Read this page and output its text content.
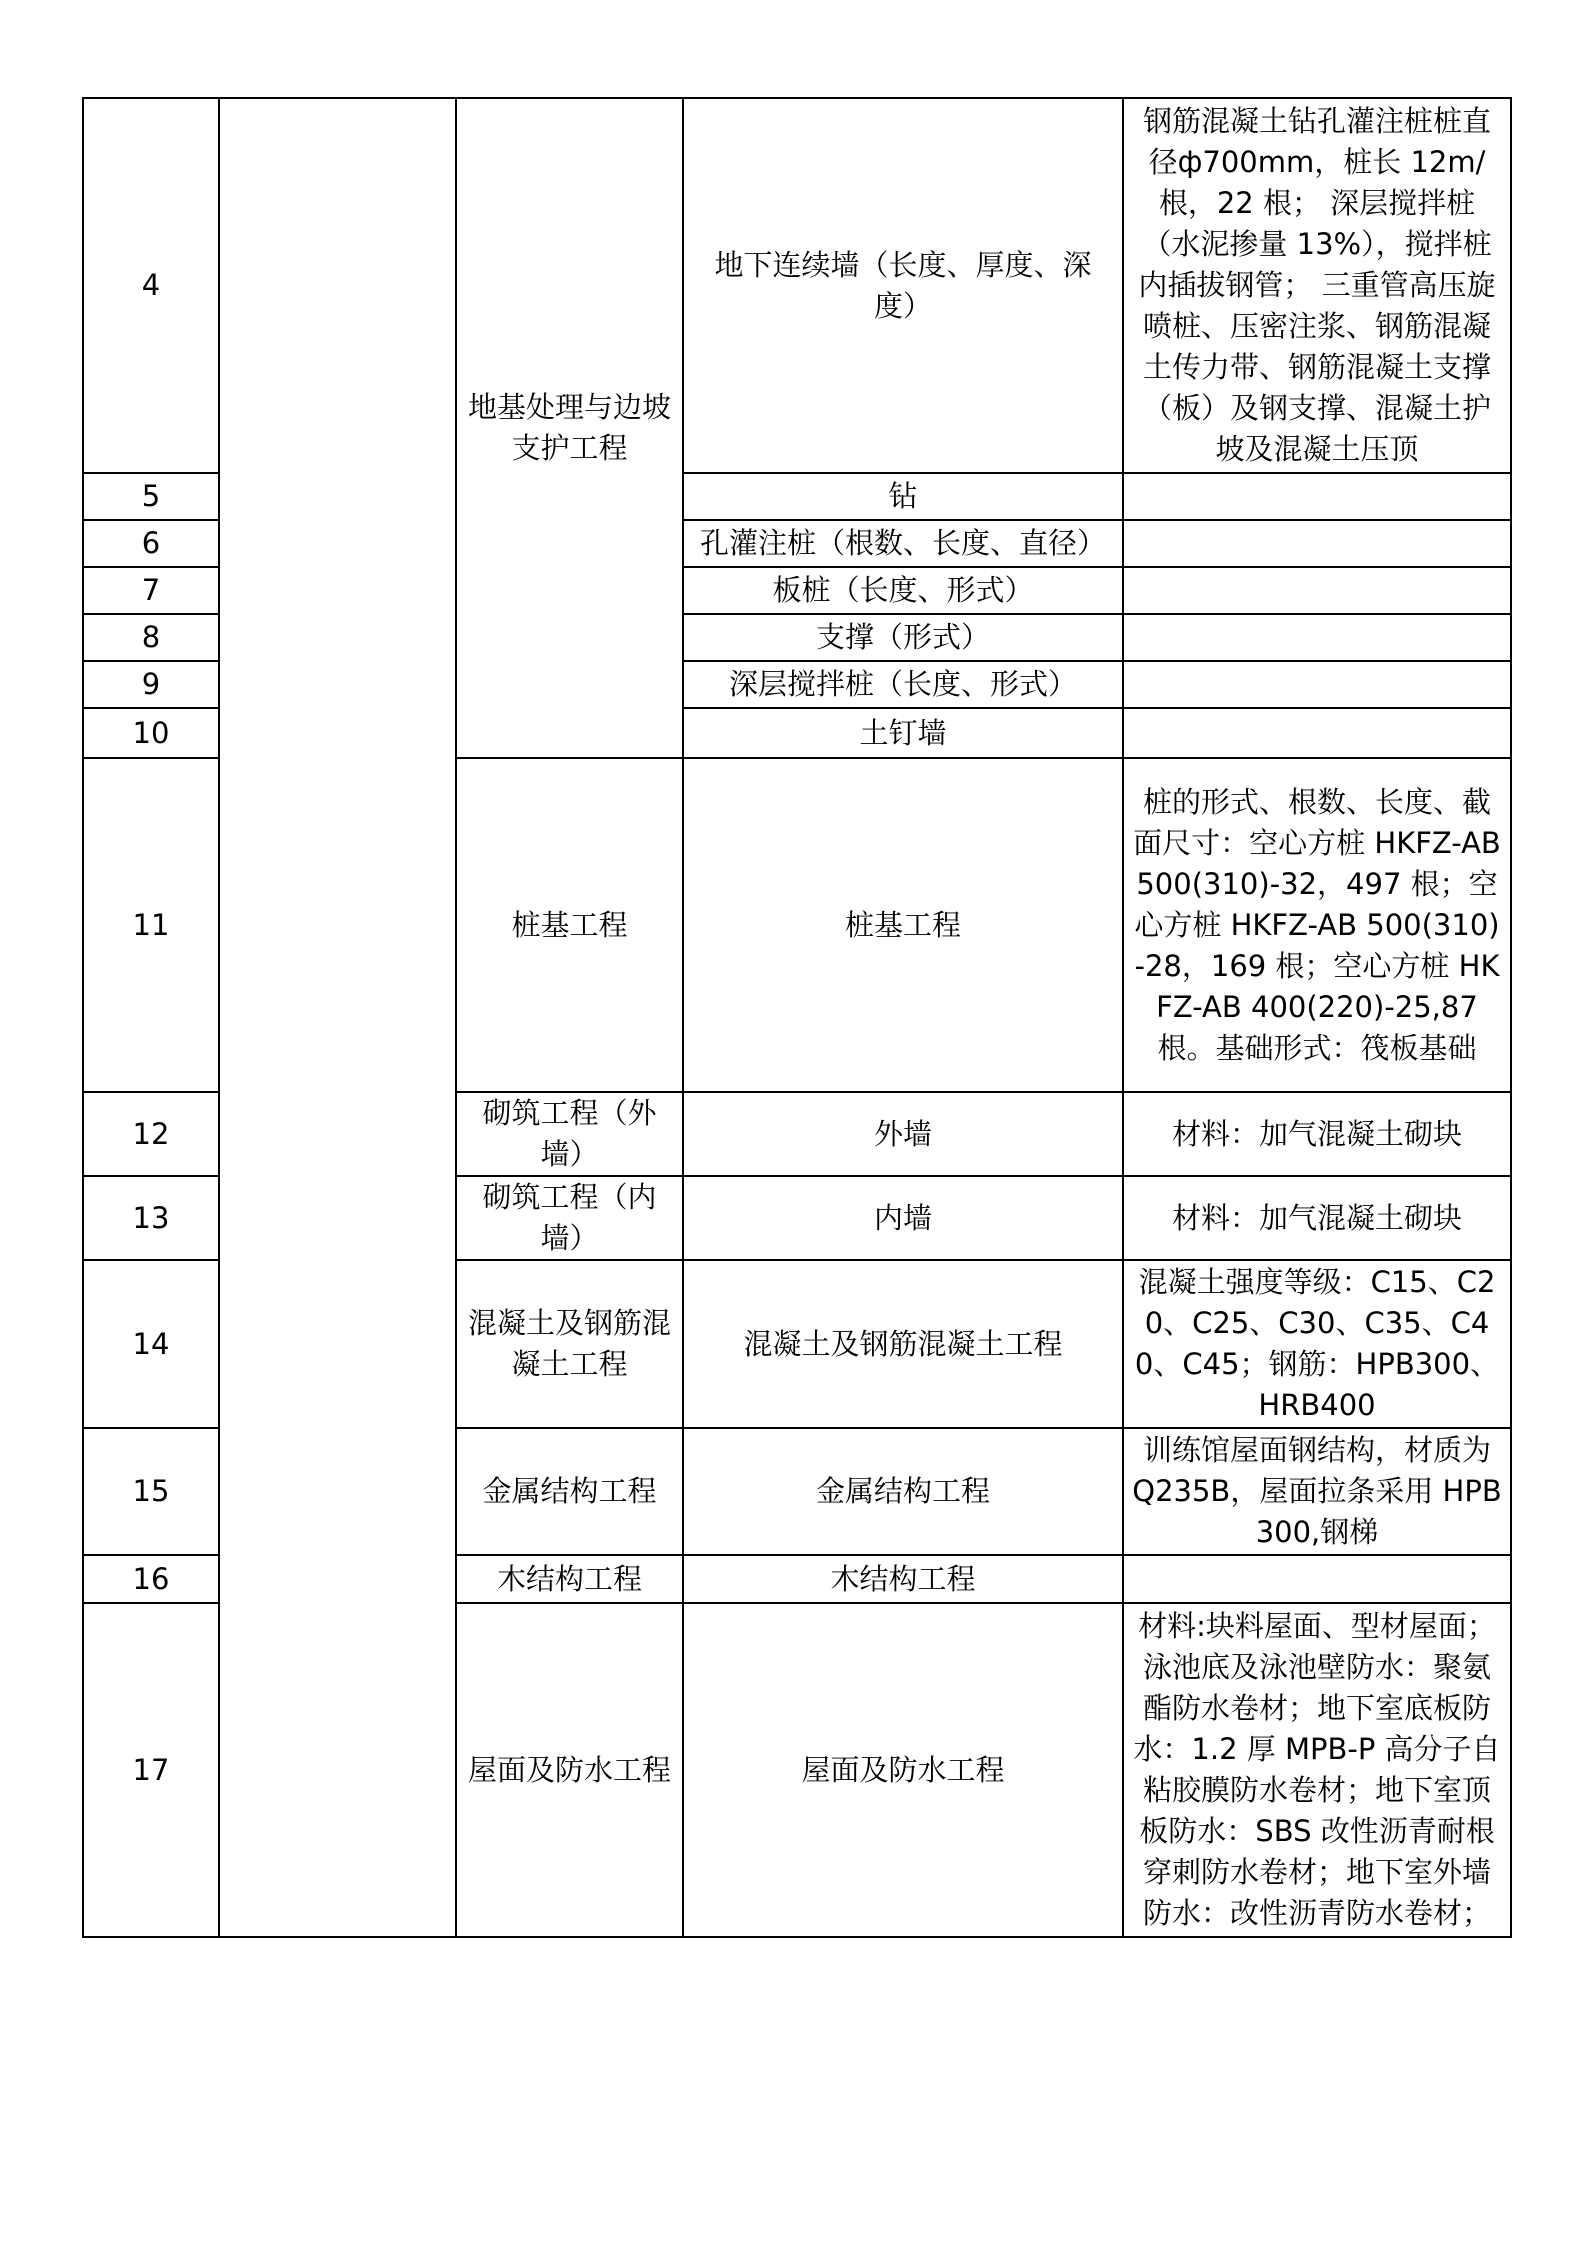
4		地基处理与边坡支护工程	地下连续墙（长度、厚度、深度）	钢筋混凝土钻孔灌注桩桩直径ф700mm，桩长 12m/根，22 根； 深层搅拌桩（水泥掺量 13%），搅拌桩内插拔钢管； 三重管高压旋喷桩、压密注浆、钢筋混凝土传力带、钢筋混凝土支撑（板）及钢支撑、混凝土护坡及混凝土压顶
5			钻	
6			孔灌注桩（根数、长度、直径）	
7			板桩（长度、形式）	
8			支撑（形式）	
9			深层搅拌桩（长度、形式）	
10			土钉墙	
11		桩基工程	桩基工程	桩的形式、根数、长度、截面尺寸：空心方桩 HKFZ-AB 500(310)-32，497 根；空心方桩 HKFZ-AB 500(310)-28，169 根；空心方桩 HKFZ-AB 400(220)-25,87 根。基础形式：筏板基础
12		砌筑工程（外墙）	外墙	材料：加气混凝土砌块
13		砌筑工程（内墙）	内墙	材料：加气混凝土砌块
14		混凝土及钢筋混凝土工程	混凝土及钢筋混凝土工程	混凝土强度等级：C15、C20、C25、C30、C35、C40、C45；钢筋：HPB300、HRB400
15		金属结构工程	金属结构工程	训练馆屋面钢结构，材质为 Q235B，屋面拉条采用 HPB300,钢梯
16		木结构工程	木结构工程	
17		屋面及防水工程	屋面及防水工程	材料:块料屋面、型材屋面；泳池底及泳池壁防水：聚氨酯防水卷材；地下室底板防水：1.2 厚 MPB-P 高分子自粘胶膜防水卷材；地下室顶板防水：SBS 改性沥青耐根穿刺防水卷材；地下室外墙防水：改性沥青防水卷材；
